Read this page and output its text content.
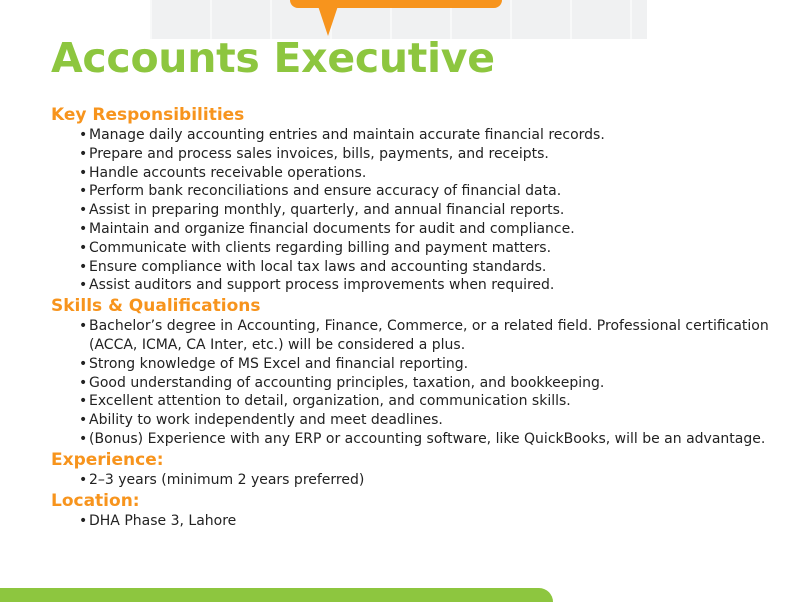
Accounts Executive
Key Responsibilities
• Manage daily accounting entries and maintain accurate financial records.
• Prepare and process sales invoices, bills, payments, and receipts.
• Handle accounts receivable operations.
• Perform bank reconciliations and ensure accuracy of financial data.
• Assist in preparing monthly, quarterly, and annual financial reports.
• Maintain and organize financial documents for audit and compliance.
• Communicate with clients regarding billing and payment matters.
• Ensure compliance with local tax laws and accounting standards.
• Assist auditors and support process improvements when required.
Skills & Qualifications
• Bachelor’s degree in Accounting, Finance, Commerce, or a related field. Professional certification (ACCA, ICMA, CA Inter, etc.) will be considered a plus.
• Strong knowledge of MS Excel and financial reporting.
• Good understanding of accounting principles, taxation, and bookkeeping.
• Excellent attention to detail, organization, and communication skills.
• Ability to work independently and meet deadlines.
• (Bonus) Experience with any ERP or accounting software, like QuickBooks, will be an advantage.
Experience:
• 2–3 years (minimum 2 years preferred)
Location:
• DHA Phase 3, Lahore
